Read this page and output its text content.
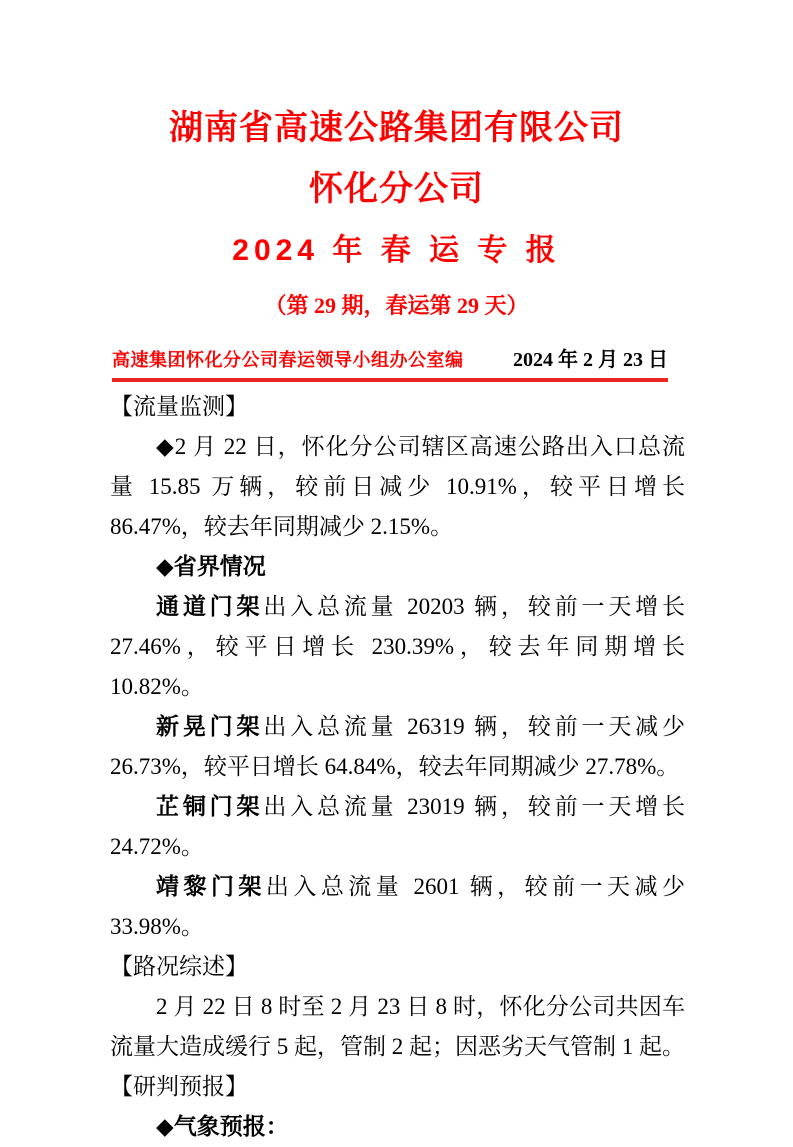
湖南省高速公路集团有限公司
怀化分公司
2024 年 春 运 专 报
（第 29 期，春运第 29 天）
高速集团怀化分公司春运领导小组办公室编 2024 年 2 月 23 日

【流量监测】

◆2 月 22 日，怀化分公司辖区高速公路出入口总流量 15.85 万辆，较前日减少 10.91%，较平日增长 86.47%，较去年同期减少 2.15%。

◆省界情况

通道门架出入总流量 20203 辆，较前一天增长 27.46%，较平日增长 230.39%，较去年同期增长 10.82%。

新晃门架出入总流量 26319 辆，较前一天减少 26.73%，较平日增长 64.84%，较去年同期减少 27.78%。

芷铜门架出入总流量 23019 辆，较前一天增长 24.72%。

靖黎门架出入总流量 2601 辆，较前一天减少 33.98%。

【路况综述】

2 月 22 日 8 时至 2 月 23 日 8 时，怀化分公司共因车流量大造成缓行 5 起，管制 2 起；因恶劣天气管制 1 起。

【研判预报】

◆气象预报：
